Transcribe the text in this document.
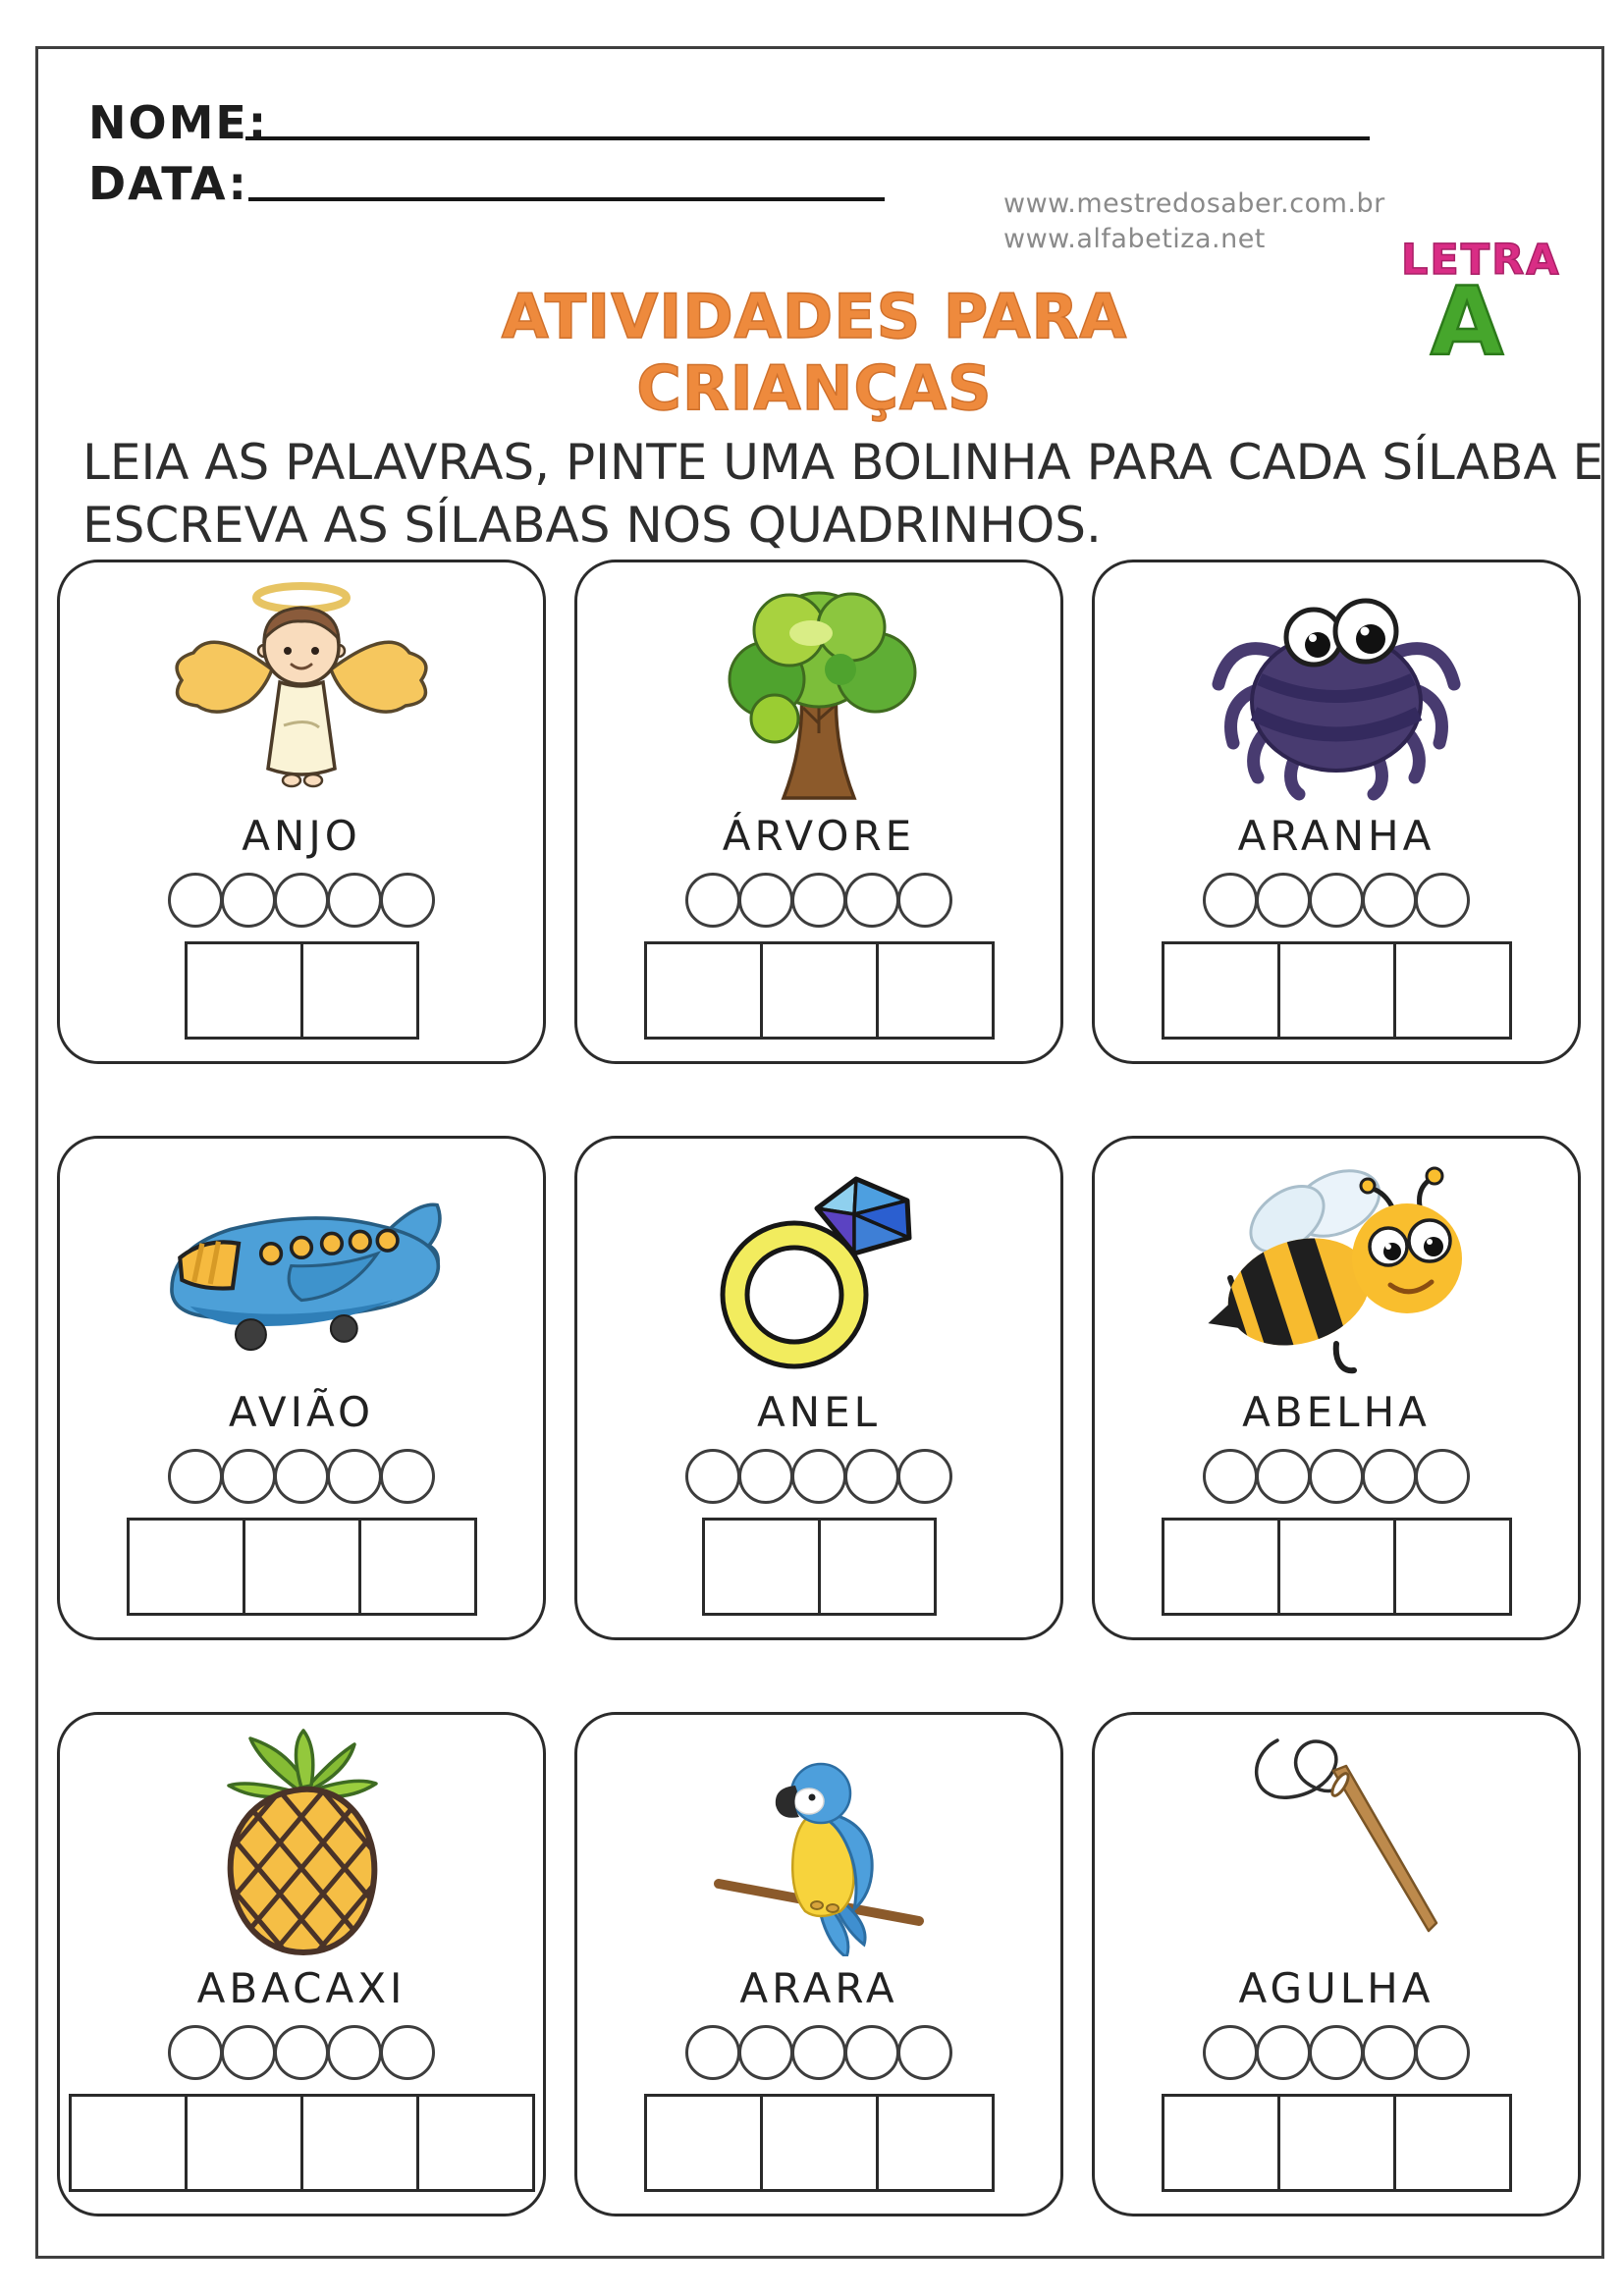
NOME:
DATA:	www.mestredosaber.com.br
www.alfabetiza.net	LETRA
A
ATIVIDADES PARA CRIANÇAS
LEIA AS PALAVRAS, PINTE UMA BOLINHA PARA CADA SÍLABA E
ESCREVA AS SÍLABAS NOS QUADRINHOS.
ANJO	ÁRVORE	ARANHA
AVIÃO	ANEL	ABELHA
ABACAXI	ARARA	AGULHA
